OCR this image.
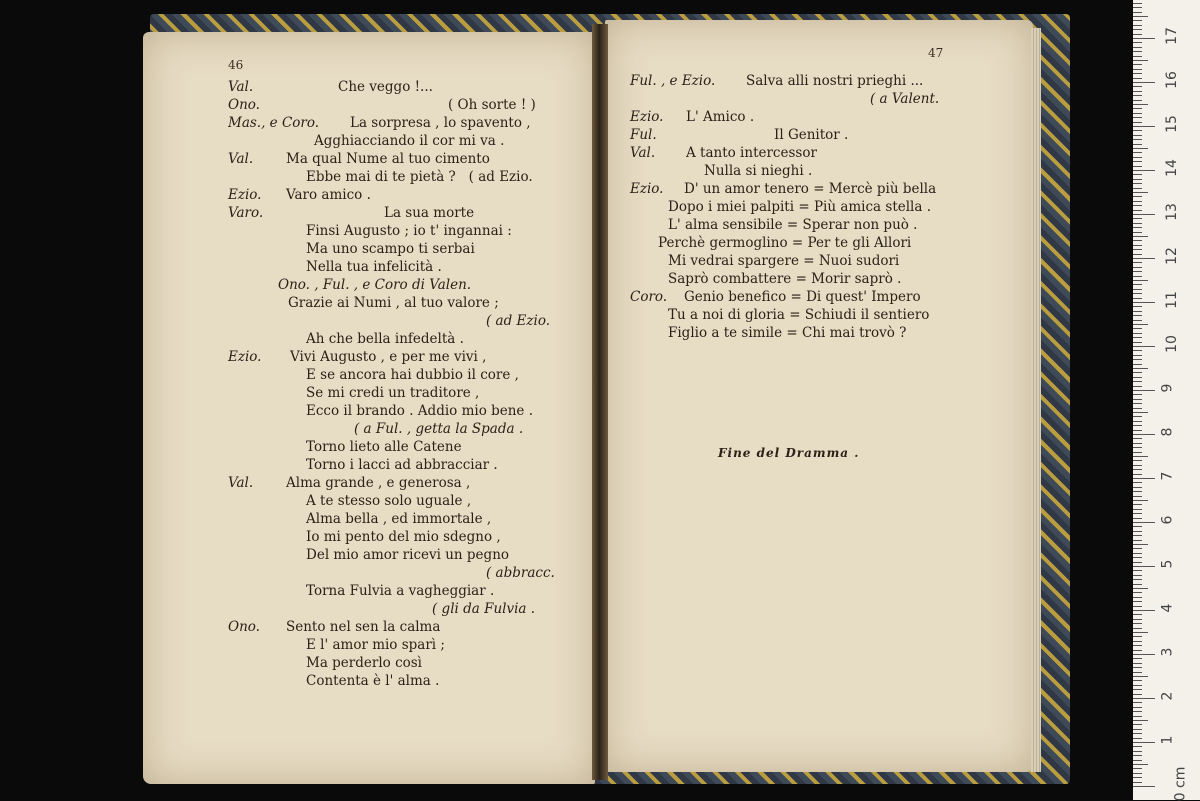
46
47
Val.	Che veggo !...
Ono.	( Oh sorte ! )
Mas., e Coro. La sorpresa , lo spavento ,
Agghiacciando il cor mi va .
Val. Ma qual Nume al tuo cimento
Ebbe mai di te pietà ?   ( ad Ezio.
Ezio. Varo amico .
Varo.	La sua morte
Finsi Augusto ; io t' ingannai :
Ma uno scampo ti serbai
Nella tua infelicità .
Ono. , Ful. , e Coro di Valen.
Grazie ai Numi , al tuo valore ;
( ad Ezio.
Ah che bella infedeltà .
Ezio. Vivi Augusto , e per me vivi ,
E se ancora hai dubbio il core ,
Se mi credi un traditore ,
Ecco il brando . Addio mio bene .
( a Ful. , getta la Spada .
Torno lieto alle Catene
Torno i lacci ad abbracciar .
Val. Alma grande , e generosa ,
A te stesso solo uguale ,
Alma bella , ed immortale ,
Io mi pento del mio sdegno ,
Del mio amor ricevi un pegno
( abbracc.
Torna Fulvia a vagheggiar .
( gli da Fulvia .
Ono. Sento nel sen la calma
E l' amor mio sparì ;
Ma perderlo così
Contenta è l' alma .
Ful. , e Ezio. Salva alli nostri prieghi ...
( a Valent.
Ezio. L' Amico .
Ful.	Il Genitor .
Val. A tanto intercessor
Nulla si nieghi .
Ezio. D' un amor tenero = Mercè più bella
Dopo i miei palpiti = Più amica stella .
L' alma sensibile = Sperar non può .
Perchè germoglino = Per te gli Allori
Mi vedrai spargere = Nuoi sudori
Saprò combattere = Morir saprò .
Coro. Genio benefico = Di quest' Impero
Tu a noi di gloria = Schiudi il sentiero
Figlio a te simile = Chi mai trovò ?
Fine del Dramma .
0 cm
1
2
3
4
5
6
7
8
9
10
11
12
13
14
15
16
17
